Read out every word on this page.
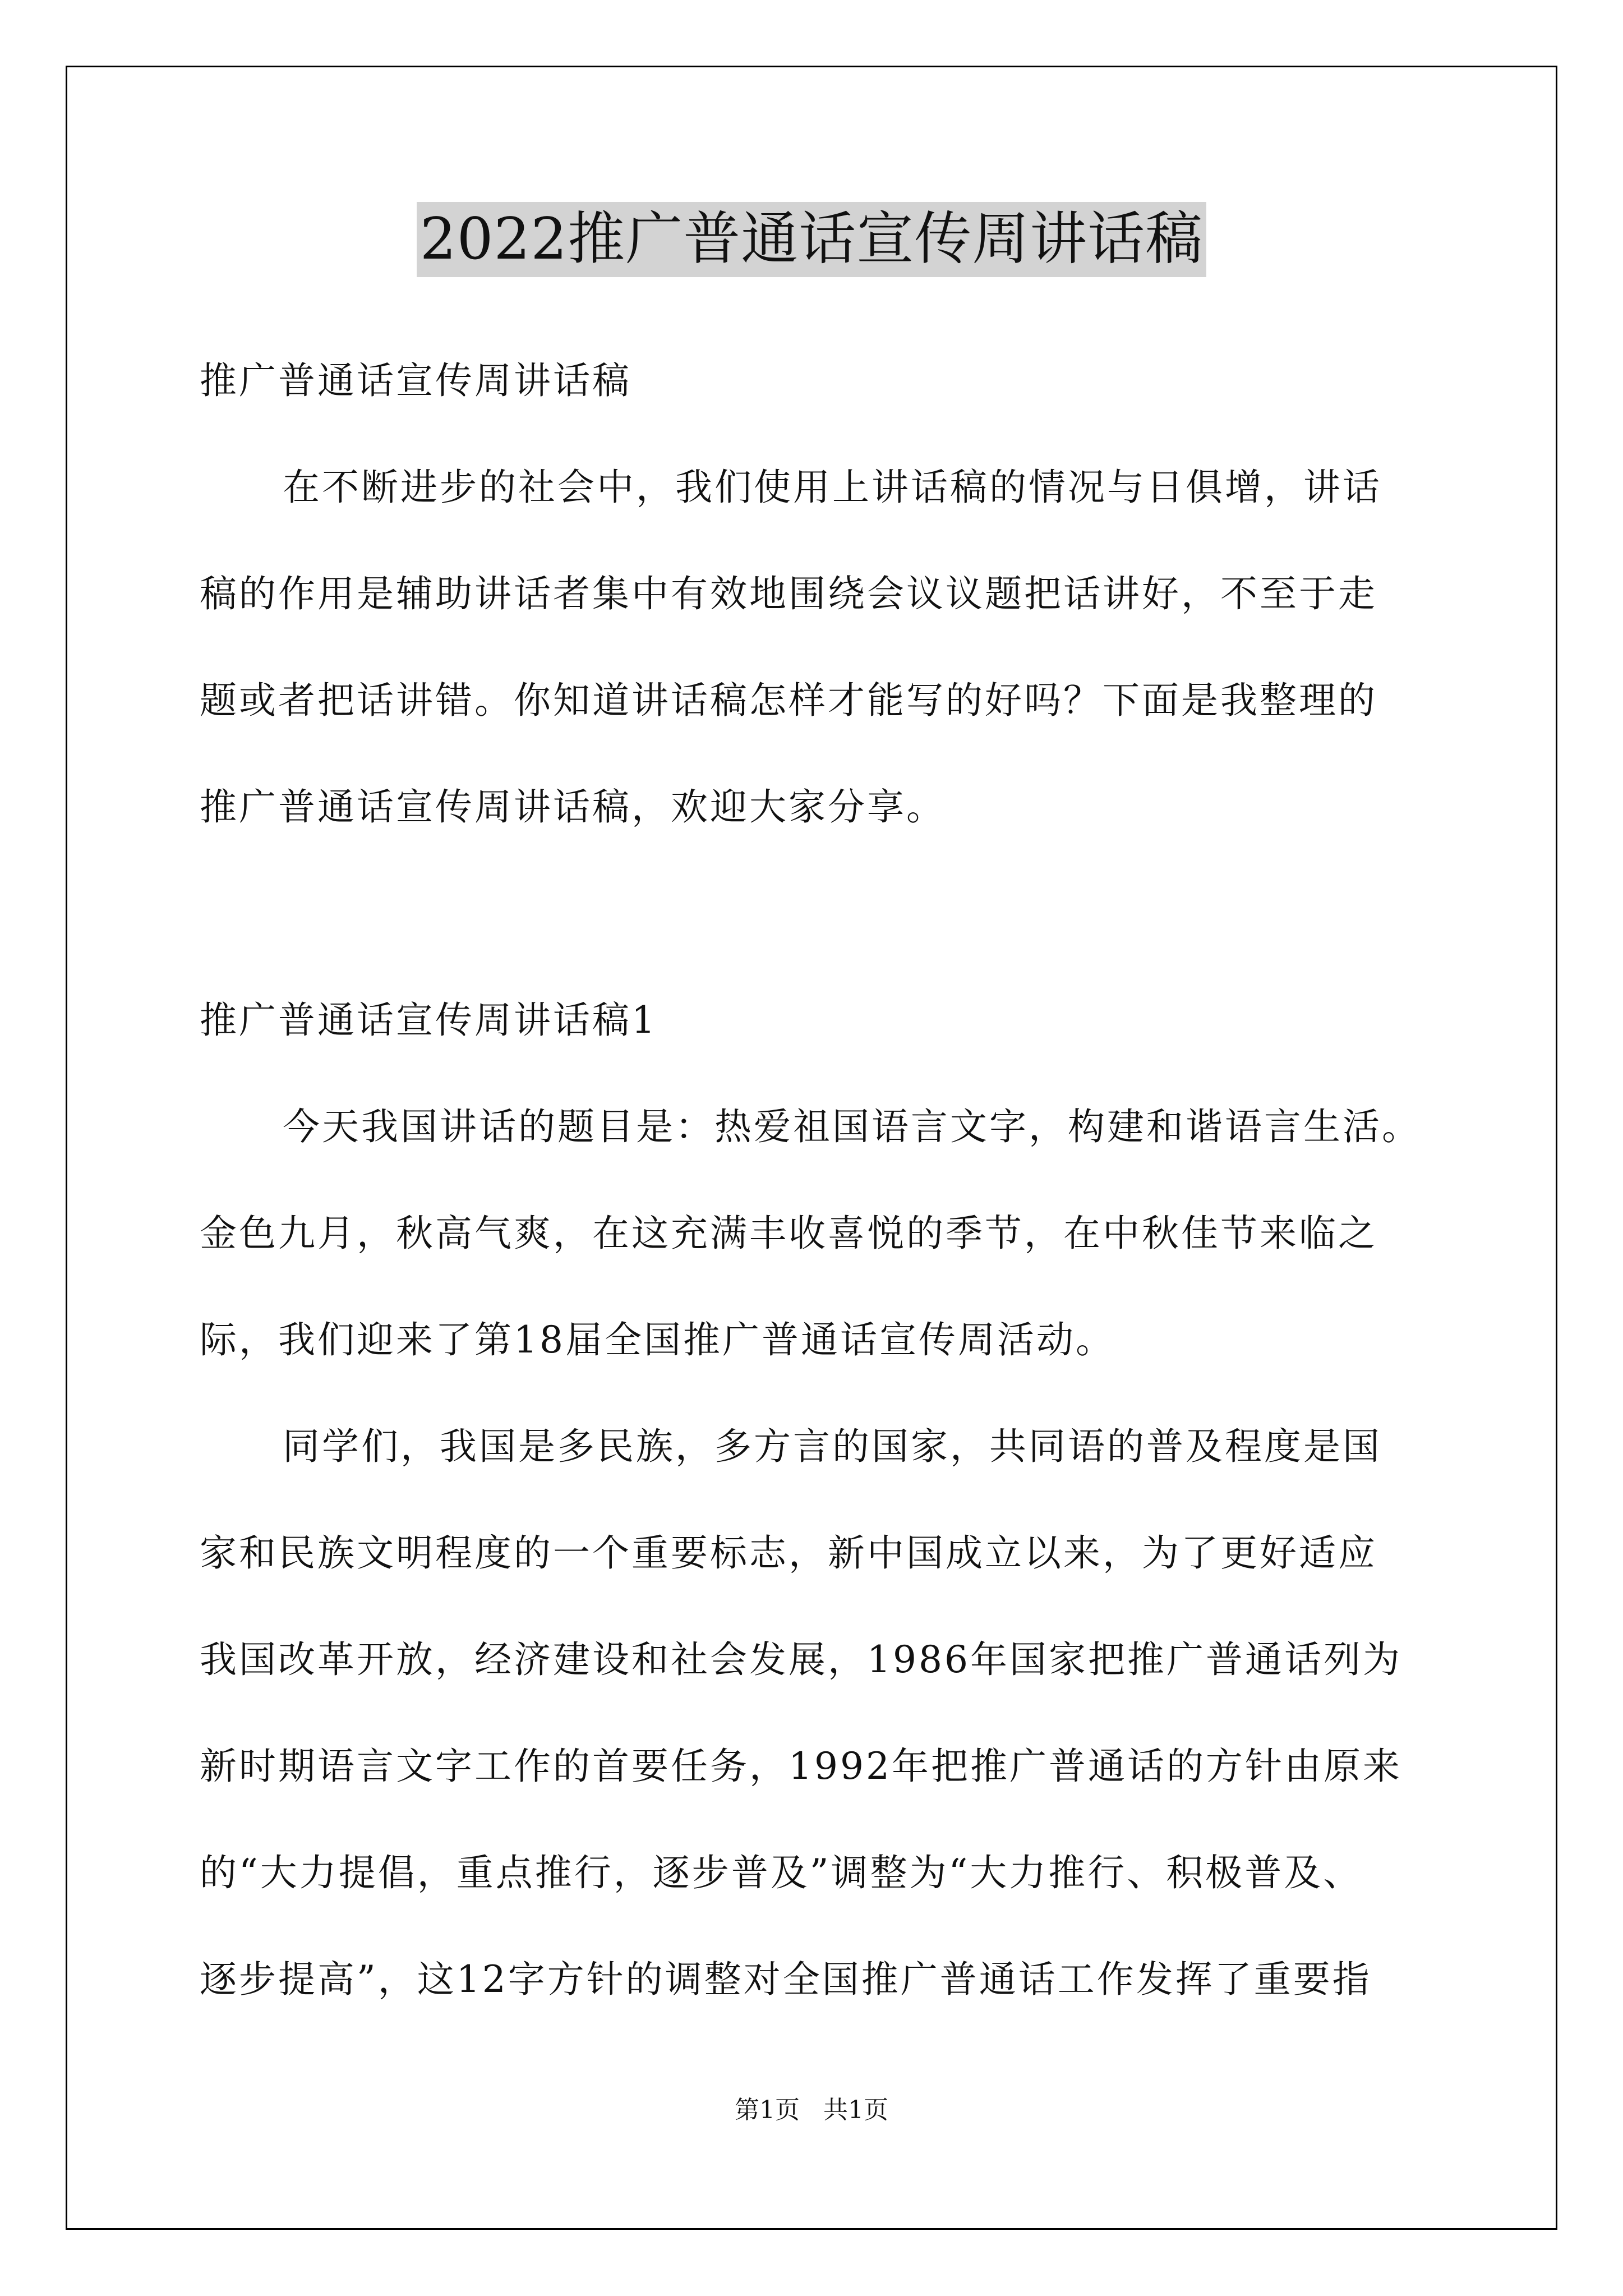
2022推广普通话宣传周讲话稿
推广普通话宣传周讲话稿
在不断进步的社会中，我们使用上讲话稿的情况与日俱增，讲话
稿的作用是辅助讲话者集中有效地围绕会议议题把话讲好，不至于走
题或者把话讲错。你知道讲话稿怎样才能写的好吗？下面是我整理的
推广普通话宣传周讲话稿，欢迎大家分享。
推广普通话宣传周讲话稿1
今天我国讲话的题目是：热爱祖国语言文字，构建和谐语言生活。
金色九月，秋高气爽，在这充满丰收喜悦的季节，在中秋佳节来临之
际，我们迎来了第18届全国推广普通话宣传周活动。
同学们，我国是多民族，多方言的国家，共同语的普及程度是国
家和民族文明程度的一个重要标志，新中国成立以来，为了更好适应
我国改革开放，经济建设和社会发展，1986年国家把推广普通话列为
新时期语言文字工作的首要任务，1992年把推广普通话的方针由原来
的“大力提倡，重点推行，逐步普及”调整为“大力推行、积极普及、
逐步提高”，这12字方针的调整对全国推广普通话工作发挥了重要指
第1页   共1页
